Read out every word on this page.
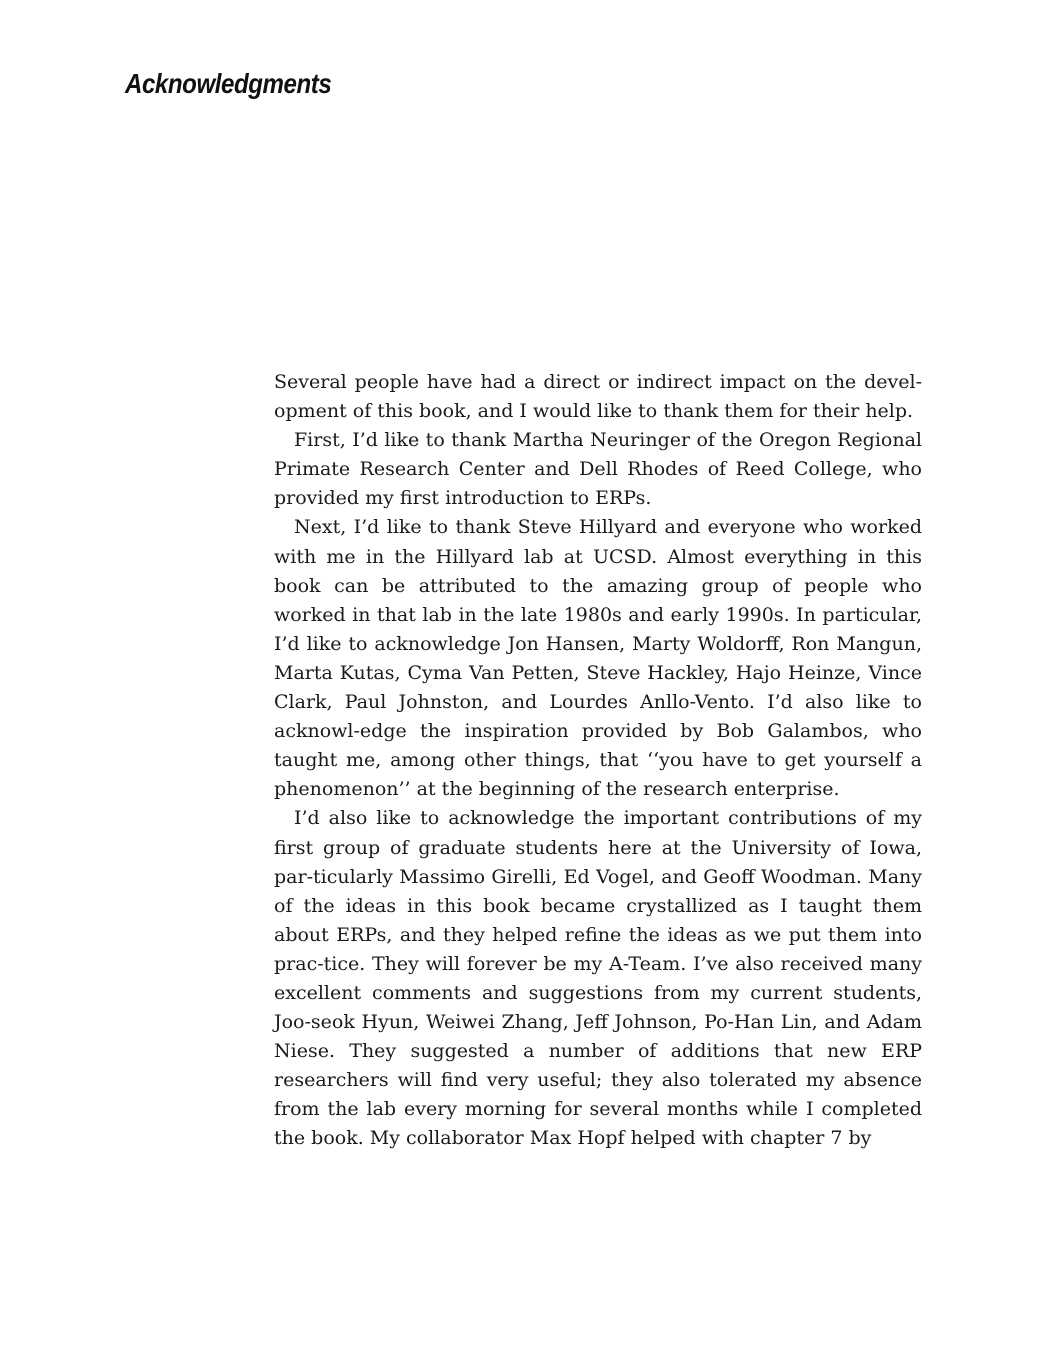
Acknowledgments

Several people have had a direct or indirect impact on the devel-opment of this book, and I would like to thank them for their help.

First, I’d like to thank Martha Neuringer of the Oregon Regional Primate Research Center and Dell Rhodes of Reed College, who provided my first introduction to ERPs.

Next, I’d like to thank Steve Hillyard and everyone who worked with me in the Hillyard lab at UCSD. Almost everything in this book can be attributed to the amazing group of people who worked in that lab in the late 1980s and early 1990s. In particular, I’d like to acknowledge Jon Hansen, Marty Woldorff, Ron Mangun, Marta Kutas, Cyma Van Petten, Steve Hackley, Hajo Heinze, Vince Clark, Paul Johnston, and Lourdes Anllo-Vento. I’d also like to acknowl-edge the inspiration provided by Bob Galambos, who taught me, among other things, that ‘‘you have to get yourself a phenomenon’’ at the beginning of the research enterprise.

I’d also like to acknowledge the important contributions of my first group of graduate students here at the University of Iowa, par-ticularly Massimo Girelli, Ed Vogel, and Geoff Woodman. Many of the ideas in this book became crystallized as I taught them about ERPs, and they helped refine the ideas as we put them into prac-tice. They will forever be my A-Team. I’ve also received many excellent comments and suggestions from my current students, Joo-seok Hyun, Weiwei Zhang, Jeff Johnson, Po-Han Lin, and Adam Niese. They suggested a number of additions that new ERP researchers will find very useful; they also tolerated my absence from the lab every morning for several months while I completed the book. My collaborator Max Hopf helped with chapter 7 by
